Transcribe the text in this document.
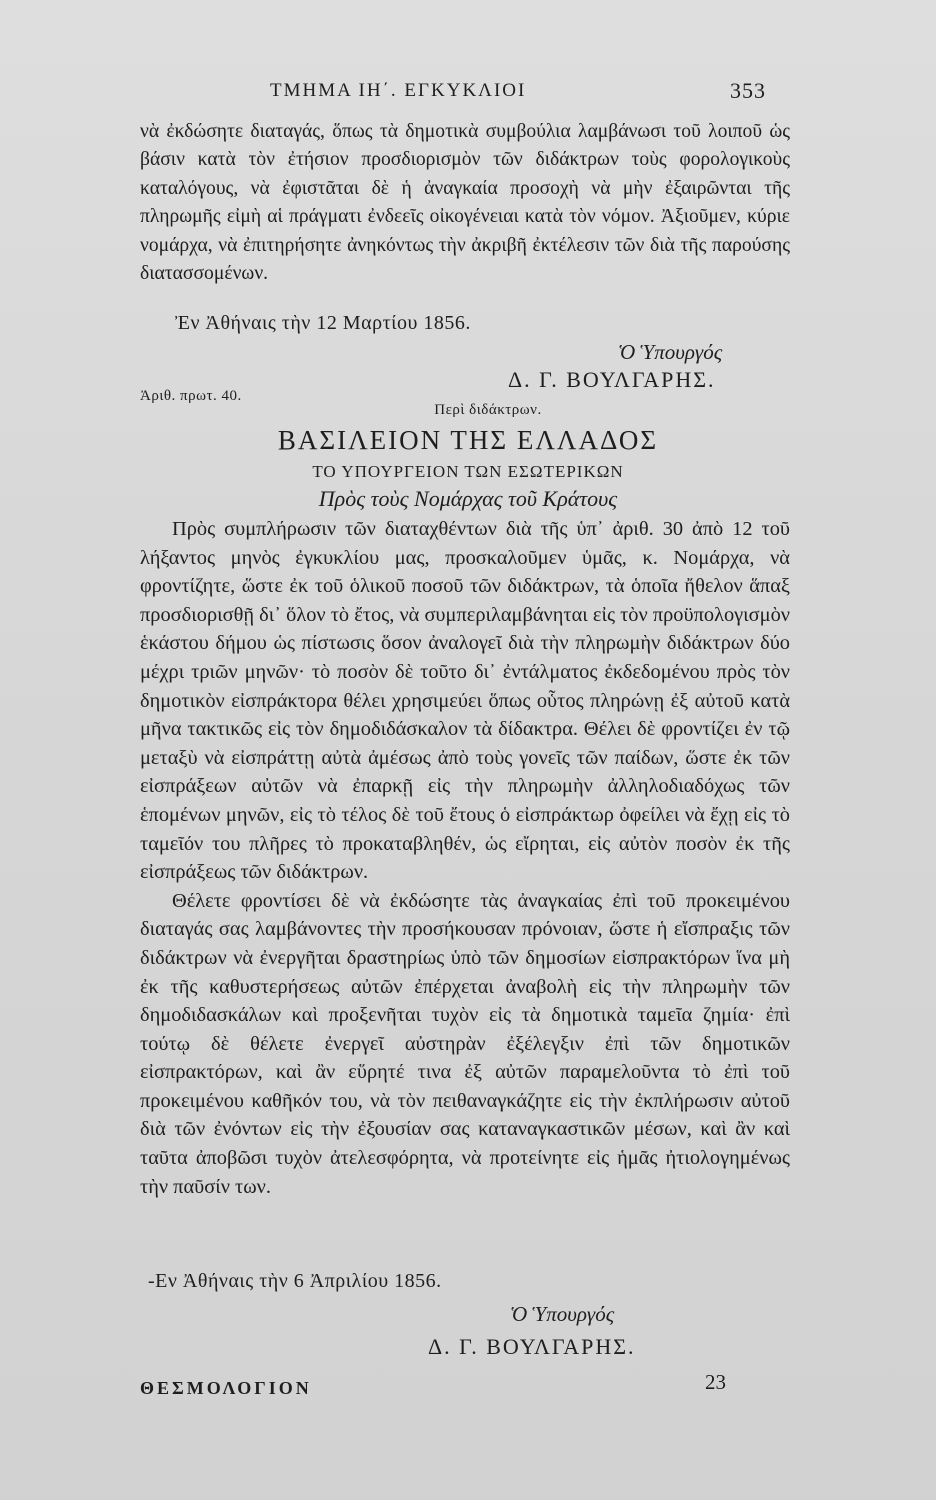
ΤΜΗΜΑ ΙΗ΄. ΕΓΚΥΚΛΙΟΙ	353

νὰ ἐκδώσητε διαταγάς, ὅπως τὰ δημοτικὰ συμβούλια λαμβάνωσι τοῦ λοιποῦ ὡς βάσιν κατὰ τὸν ἐτήσιον προσδιορισμὸν τῶν διδάκτρων τοὺς φορολογικοὺς καταλόγους, νὰ ἐφιστᾶται δὲ ἡ ἀναγκαία προσοχὴ νὰ μὴν ἐξαιρῶνται τῆς πληρωμῆς εἰμὴ αἱ πράγματι ἐνδεεῖς οἰκογένειαι κατὰ τὸν νόμον. Ἀξιοῦμεν, κύριε νομάρχα, νὰ ἐπιτηρήσητε ἀνηκόντως τὴν ἀκριβῆ ἐκτέλεσιν τῶν διὰ τῆς παρούσης διατασσομένων.

Ἐν Ἀθήναις τὴν 12 Μαρτίου 1856.
Ὁ Ὑπουργός
Δ. Γ. ΒΟΥΛΓΑΡΗΣ.
Ἀριθ. πρωτ. 40.
Περὶ διδάκτρων.
ΒΑΣΙΛΕΙΟΝ ΤΗΣ ΕΛΛΑΔΟΣ
ΤΟ ΥΠΟΥΡΓΕΙΟΝ ΤΩΝ ΕΣΩΤΕΡΙΚΩΝ
Πρὸς τοὺς Νομάρχας τοῦ Κράτους

Πρὸς συμπλήρωσιν τῶν διαταχθέντων διὰ τῆς ὑπ᾿ ἀριθ. 30 ἀπὸ 12 τοῦ λήξαντος μηνὸς ἐγκυκλίου μας, προσκαλοῦμεν ὑμᾶς, κ. Νομάρχα, νὰ φροντίζητε, ὥστε ἐκ τοῦ ὁλικοῦ ποσοῦ τῶν διδάκτρων, τὰ ὁποῖα ἤθελον ἅπαξ προσδιορισθῇ δι᾿ ὅλον τὸ ἔτος, νὰ συμπεριλαμβάνηται εἰς τὸν προϋπολογισμὸν ἑκάστου δήμου ὡς πίστωσις ὅσον ἀναλογεῖ διὰ τὴν πληρωμὴν διδάκτρων δύο μέχρι τριῶν μηνῶν· τὸ ποσὸν δὲ τοῦτο δι᾿ ἐντάλματος ἐκδεδομένου πρὸς τὸν δημοτικὸν εἰσπράκτορα θέλει χρησιμεύει ὅπως οὗτος πληρώνῃ ἐξ αὐτοῦ κατὰ μῆνα τακτικῶς εἰς τὸν δημοδιδάσκαλον τὰ δίδακτρα. Θέλει δὲ φροντίζει ἐν τῷ μεταξὺ νὰ εἰσπράττῃ αὐτὰ ἀμέσως ἀπὸ τοὺς γονεῖς τῶν παίδων, ὥστε ἐκ τῶν εἰσπράξεων αὐτῶν νὰ ἐπαρκῇ εἰς τὴν πληρωμὴν ἀλληλοδιαδόχως τῶν ἑπομένων μηνῶν, εἰς τὸ τέλος δὲ τοῦ ἔτους ὁ εἰσπράκτωρ ὀφείλει νὰ ἔχῃ εἰς τὸ ταμεῖόν του πλῆρες τὸ προκαταβληθέν, ὡς εἴρηται, εἰς αὐτὸν ποσὸν ἐκ τῆς εἰσπράξεως τῶν διδάκτρων.

Θέλετε φροντίσει δὲ νὰ ἐκδώσητε τὰς ἀναγκαίας ἐπὶ τοῦ προκειμένου διαταγάς σας λαμβάνοντες τὴν προσήκουσαν πρόνοιαν, ὥστε ἡ εἴσπραξις τῶν διδάκτρων νὰ ἐνεργῆται δραστηρίως ὑπὸ τῶν δημοσίων εἰσπρακτόρων ἵνα μὴ ἐκ τῆς καθυστερήσεως αὐτῶν ἐπέρχεται ἀναβολὴ εἰς τὴν πληρωμὴν τῶν δημοδιδασκάλων καὶ προξενῆται τυχὸν εἰς τὰ δημοτικὰ ταμεῖα ζημία· ἐπὶ τούτῳ δὲ θέλετε ἐνεργεῖ αὐστηρὰν ἐξέλεγξιν ἐπὶ τῶν δημοτικῶν εἰσπρακτόρων, καὶ ἂν εὕρητέ τινα ἐξ αὐτῶν παραμελοῦντα τὸ ἐπὶ τοῦ προκειμένου καθῆκόν του, νὰ τὸν πειθαναγκάζητε εἰς τὴν ἐκπλήρωσιν αὐτοῦ διὰ τῶν ἐνόντων εἰς τὴν ἐξουσίαν σας καταναγκαστικῶν μέσων, καὶ ἂν καὶ ταῦτα ἀποβῶσι τυχὸν ἀτελεσφόρητα, νὰ προτείνητε εἰς ἡμᾶς ἠτιολογημένως τὴν παῦσίν των.

-Εν Ἀθήναις τὴν 6 Ἀπριλίου 1856.
Ὁ Ὑπουργός
Δ. Γ. ΒΟΥΛΓΑΡΗΣ.
ΘΕΣΜΟΛΟΓΙΟΝ	23
